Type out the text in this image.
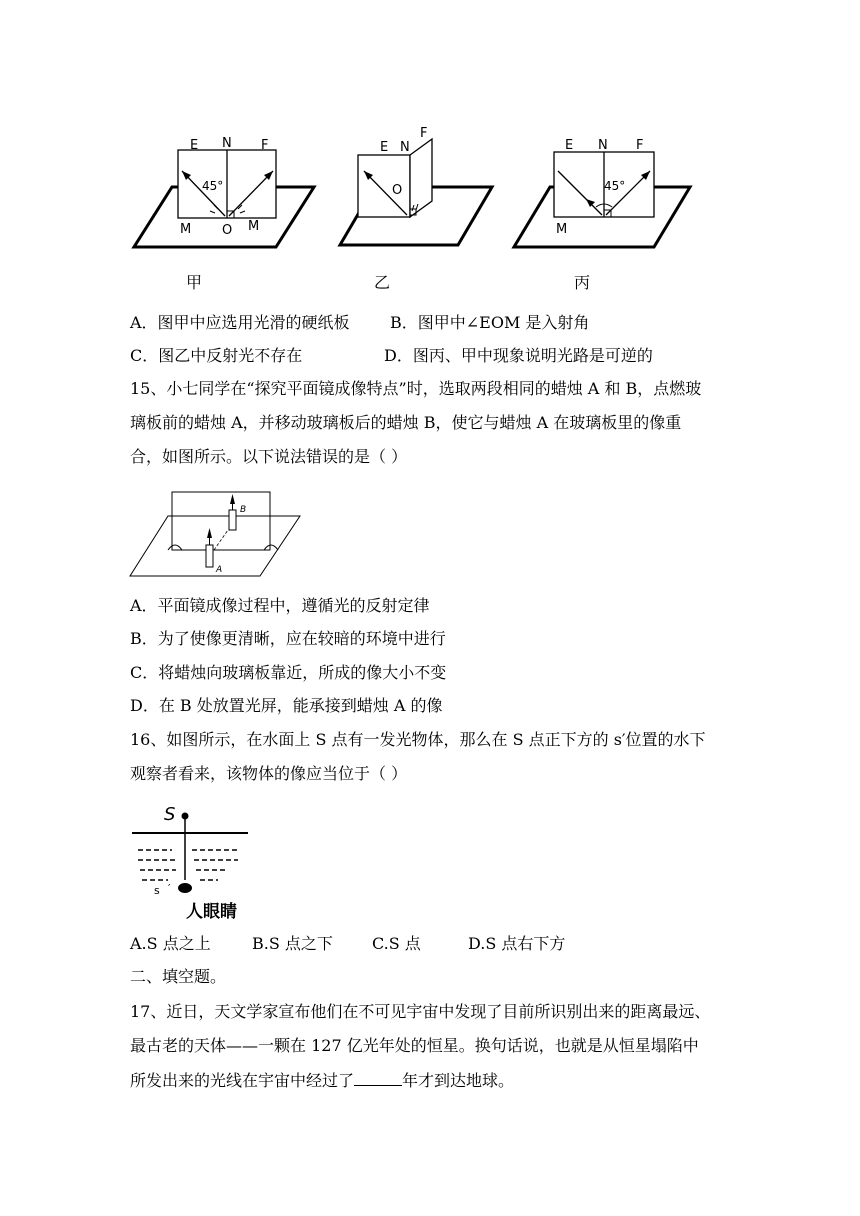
E N F
45°
M O M
甲
E N
F
O
乙
E N F
45°
M
丙
A．图甲中应选用光滑的硬纸板	B．图甲中∠EOM 是入射角
C．图乙中反射光不存在	D．图丙、甲中现象说明光路是可逆的
15、小七同学在“探究平面镜成像特点”时，选取两段相同的蜡烛 A 和 B，点燃玻
璃板前的蜡烛 A，并移动玻璃板后的蜡烛 B，使它与蜡烛 A 在玻璃板里的像重
合，如图所示。以下说法错误的是（ ）
B
A
A．平面镜成像过程中，遵循光的反射定律
B．为了使像更清晰，应在较暗的环境中进行
C．将蜡烛向玻璃板靠近，所成的像大小不变
D．在 B 处放置光屏，能承接到蜡烛 A 的像
16、如图所示，在水面上 S 点有一发光物体，那么在 S 点正下方的 s′位置的水下
观察者看来，该物体的像应当位于（ ）
S
s ′
人眼睛
A.S 点之上	B.S 点之下 C.S 点	D.S 点右下方
二、填空题。
17、近日，天文学家宣布他们在不可见宇宙中发现了目前所识别出来的距离最远、
最古老的天体——一颗在 127 亿光年处的恒星。换句话说，也就是从恒星塌陷中
所发出来的光线在宇宙中经过了	年才到达地球。
